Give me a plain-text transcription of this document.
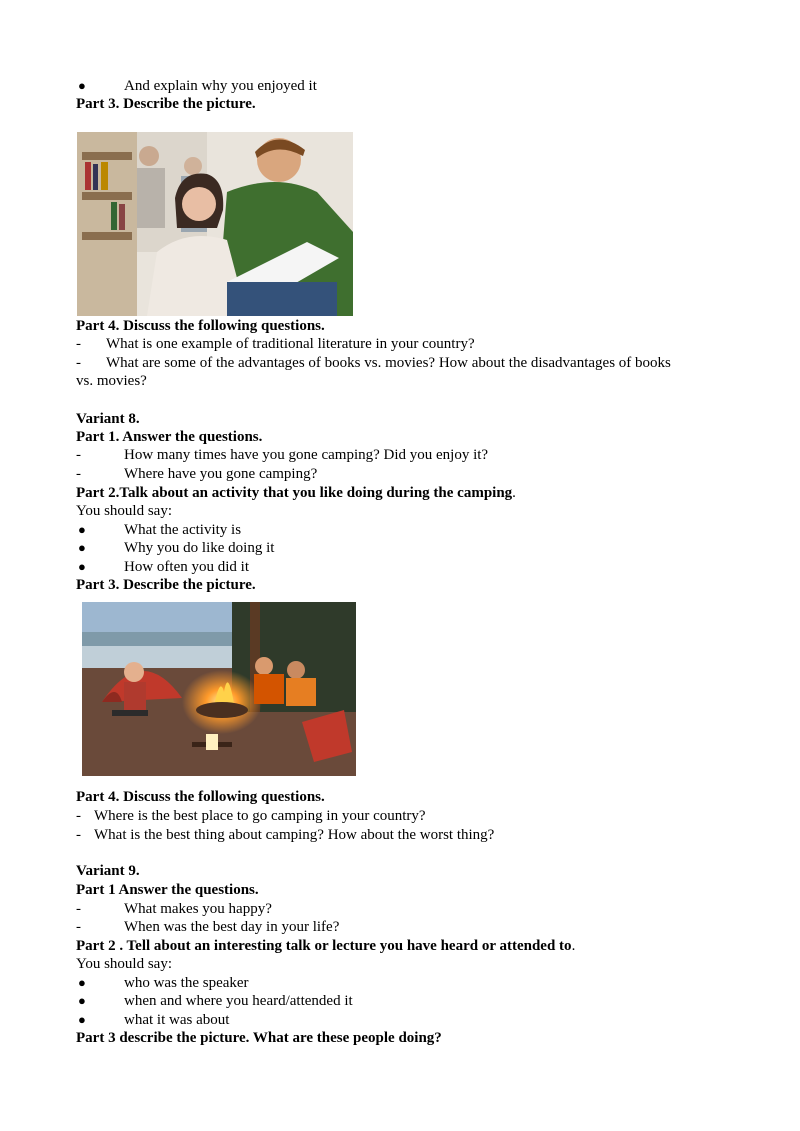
●	And explain why you enjoyed it
Part 3. Describe the picture.
Part 4. Discuss the following questions.
- What is one example of traditional literature in your country?
- What are some of the advantages of books vs. movies? How about the disadvantages of books
vs. movies?
Variant 8.
Part 1. Answer the questions.
-	How many times have you gone camping? Did you enjoy it?
-	Where have you gone camping?
Part 2.Talk about an activity that you like doing during the camping.
You should say:
●	What the activity is
●	Why you do like doing it
●	How often you did it
Part 3. Describe the picture.
Part 4. Discuss the following questions.
- Where is the best place to go camping in your country?
- What is the best thing about camping? How about the worst thing?
Variant 9.
Part 1 Answer the questions.
-	What makes you happy?
-	When was the best day in your life?
Part 2 . Tell about an interesting talk or lecture you have heard or attended to.
You should say:
●	who was the speaker
●	when and where you heard/attended it
●	what it was about
Part 3 describe the picture. What are these people doing?
